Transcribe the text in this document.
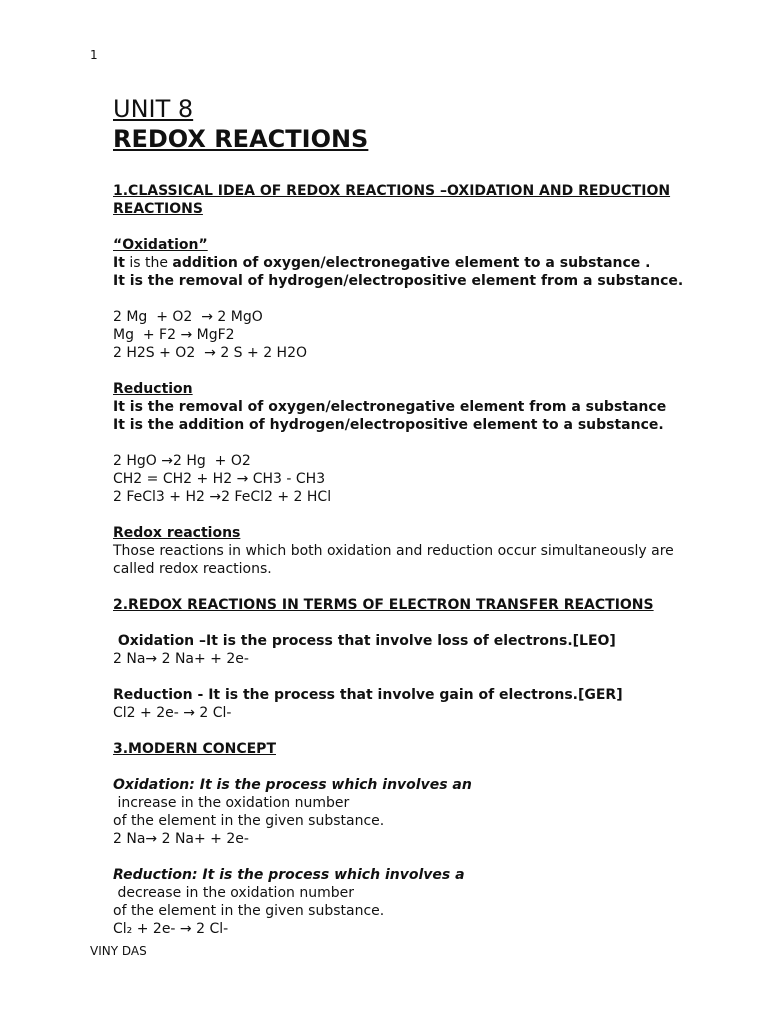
1
UNIT 8
REDOX REACTIONS
1.CLASSICAL IDEA OF REDOX REACTIONS –OXIDATION AND REDUCTION
REACTIONS
“Oxidation”
It is the addition of oxygen/electronegative element to a substance .
It is the removal of hydrogen/electropositive element from a substance.
2 Mg  + O2  → 2 MgO
Mg  + F2 → MgF2
2 H2S + O2  → 2 S + 2 H2O
Reduction
It is the removal of oxygen/electronegative element from a substance
It is the addition of hydrogen/electropositive element to a substance.
2 HgO →2 Hg  + O2
CH2 = CH2 + H2 → CH3 - CH3
2 FeCl3 + H2 →2 FeCl2 + 2 HCl
Redox reactions
Those reactions in which both oxidation and reduction occur simultaneously are
called redox reactions.
2.REDOX REACTIONS IN TERMS OF ELECTRON TRANSFER REACTIONS
Oxidation –It is the process that involve loss of electrons.[LEO]
2 Na→ 2 Na+ + 2e-
Reduction - It is the process that involve gain of electrons.[GER]
Cl2 + 2e- → 2 Cl-
3.MODERN CONCEPT
Oxidation: It is the process which involves an increase in the oxidation number
of the element in the given substance.
2 Na→ 2 Na+ + 2e-
Reduction: It is the process which involves a decrease in the oxidation number
of the element in the given substance.
Cl₂ + 2e- → 2 Cl-
VINY DAS
